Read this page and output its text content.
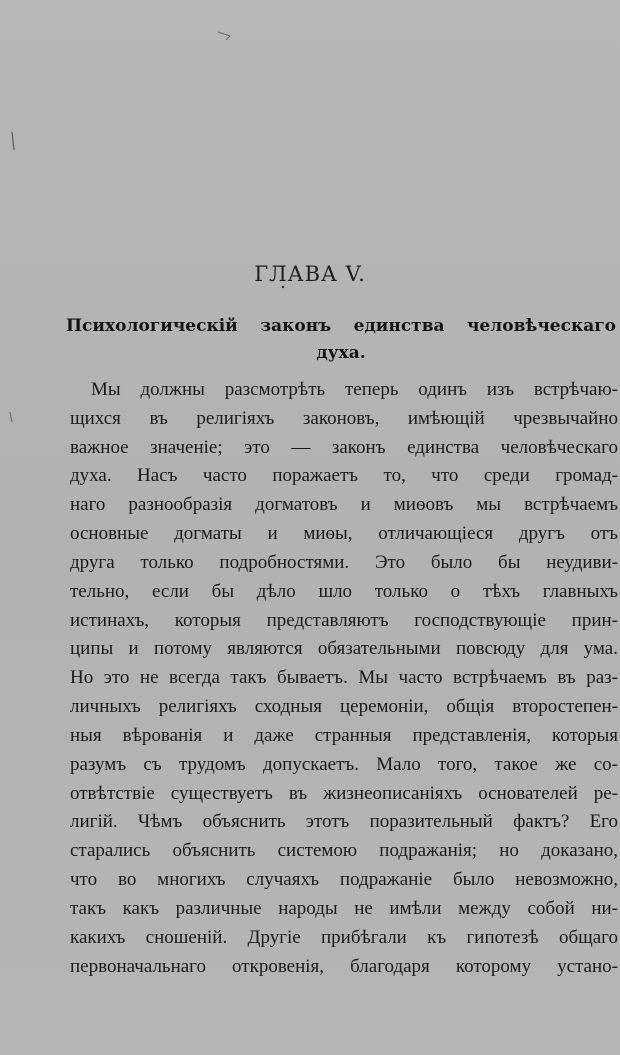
ГЛАВА V.
Психологическій законъ единства человѣческаго духа.
Мы должны разсмотрѣть теперь одинъ изъ встрѣчаю-
щихся въ религіяхъ законовъ, имѣющій чрезвычайно
важное значеніе; это — законъ единства человѣческаго
духа. Насъ часто поражаетъ то, что среди громад-
наго разнообразія догматовъ и миѳовъ мы встрѣчаемъ
основные догматы и миѳы, отличающіеся другъ отъ
друга только подробностями. Это было бы неудиви-
тельно, если бы дѣло шло только о тѣхъ главныхъ
истинахъ, которыя представляютъ господствующіе прин-
ципы и потому являются обязательными повсюду для ума.
Но это не всегда такъ бываетъ. Мы часто встрѣчаемъ въ раз-
личныхъ религіяхъ сходныя церемоніи, общія второстепен-
ныя вѣрованія и даже странныя представленія, которыя
разумъ съ трудомъ допускаетъ. Мало того, такое же со-
отвѣтствіе существуетъ въ жизнеописаніяхъ основателей ре-
лигій. Чѣмъ объяснить этотъ поразительный фактъ? Его
старались объяснить системою подражанія; но доказано,
что во многихъ случаяхъ подражаніе было невозможно,
такъ какъ различные народы не имѣли между собой ни-
какихъ сношеній. Другіе прибѣгали къ гипотезѣ общаго
первоначальнаго откровенія, благодаря которому устано-
